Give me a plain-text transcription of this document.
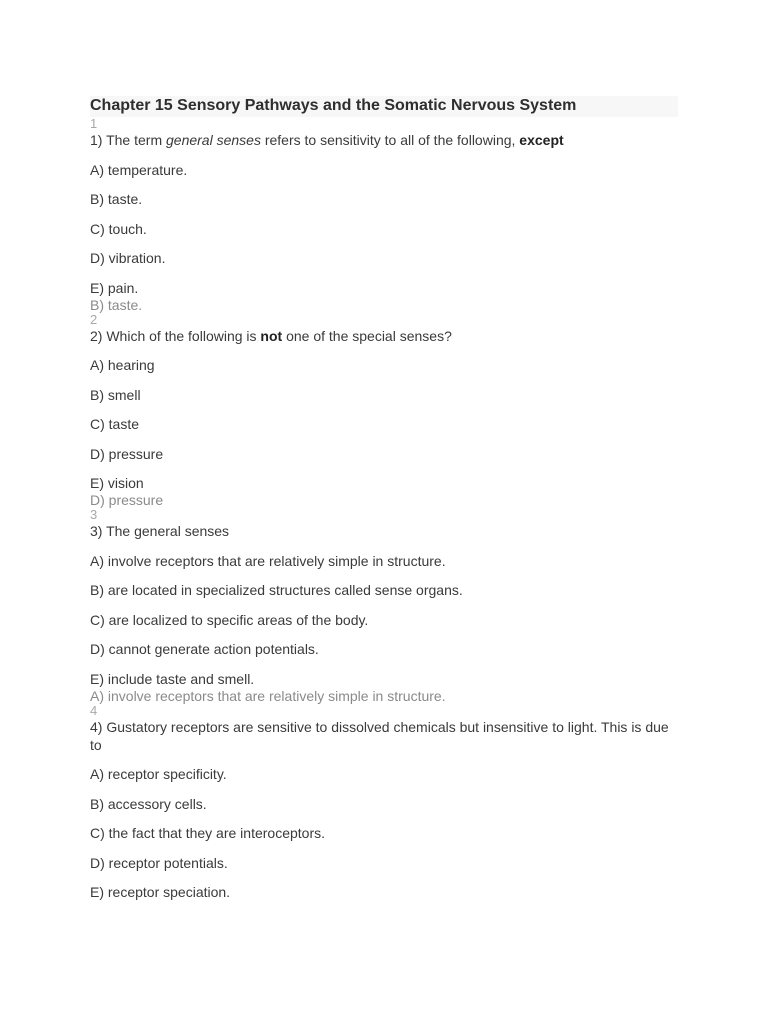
Chapter 15 Sensory Pathways and the Somatic Nervous System
1

1) The term general senses refers to sensitivity to all of the following, except

A) temperature.
B) taste.
C) touch.
D) vibration.
E) pain.
B) taste.
2

2) Which of the following is not one of the special senses?

A) hearing
B) smell
C) taste
D) pressure
E) vision
D) pressure
3

3) The general senses

A) involve receptors that are relatively simple in structure.
B) are located in specialized structures called sense organs.
C) are localized to specific areas of the body.
D) cannot generate action potentials.
E) include taste and smell.
A) involve receptors that are relatively simple in structure.
4

4) Gustatory receptors are sensitive to dissolved chemicals but insensitive to light. This is due to

A) receptor specificity.
B) accessory cells.
C) the fact that they are interoceptors.
D) receptor potentials.
E) receptor speciation.
